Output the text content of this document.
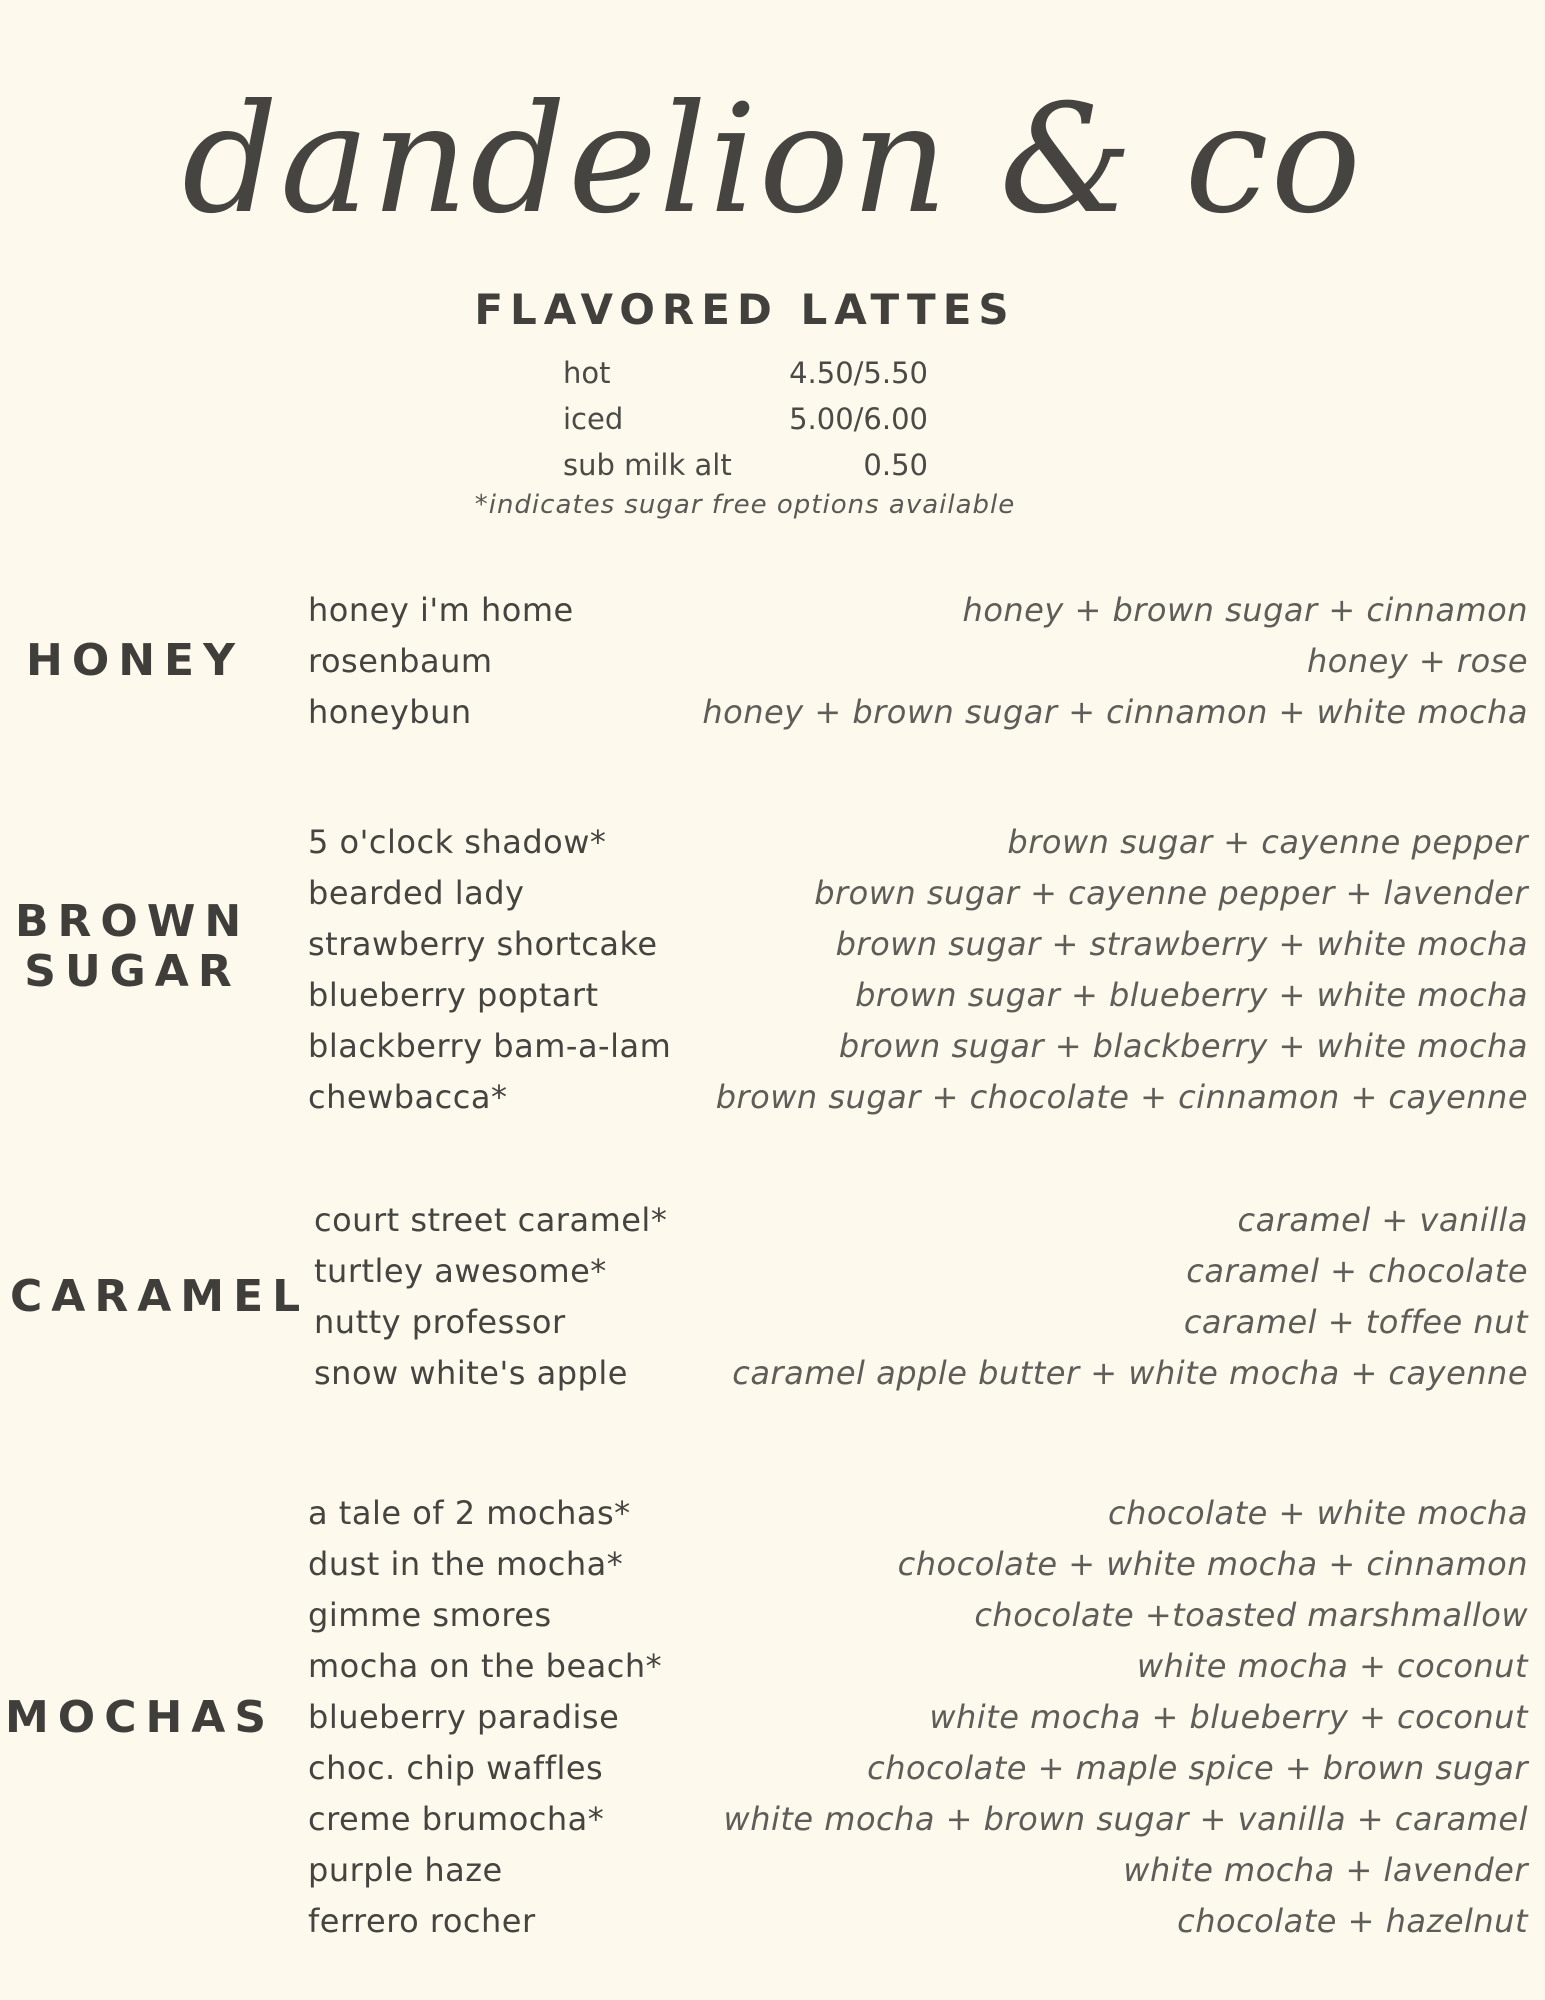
dandelion & co
FLAVORED LATTES
hot	4.50/5.50
iced	5.00/6.00
sub milk alt	0.50
*indicates sugar free options available
HONEY
honey i'm home	honey + brown sugar + cinnamon
rosenbaum	honey + rose
honeybun	honey + brown sugar + cinnamon + white mocha
BROWN
SUGAR
5 o'clock shadow*	brown sugar + cayenne pepper
bearded lady	brown sugar + cayenne pepper + lavender
strawberry shortcake	brown sugar + strawberry + white mocha
blueberry poptart	brown sugar + blueberry + white mocha
blackberry bam-a-lam	brown sugar + blackberry + white mocha
chewbacca*	brown sugar + chocolate + cinnamon + cayenne
CARAMEL
court street caramel*	caramel + vanilla
turtley awesome*	caramel + chocolate
nutty professor	caramel + toffee nut
snow white's apple	caramel apple butter + white mocha + cayenne
MOCHAS
a tale of 2 mochas*	chocolate + white mocha
dust in the mocha*	chocolate + white mocha + cinnamon
gimme smores	chocolate +toasted marshmallow
mocha on the beach*	white mocha + coconut
blueberry paradise	white mocha + blueberry + coconut
choc. chip waffles	chocolate + maple spice + brown sugar
creme brumocha*	white mocha + brown sugar + vanilla + caramel
purple haze	white mocha + lavender
ferrero rocher	chocolate + hazelnut
